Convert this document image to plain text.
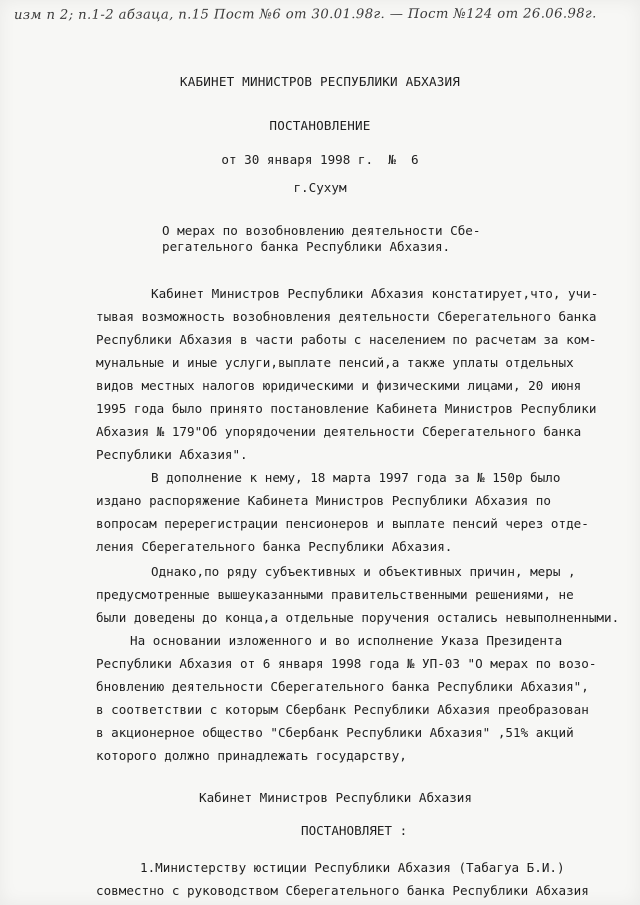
изм п 2; п.1-2 абзаца, п.15 Пост №6 от 30.01.98г. — Пост №124 от 26.06.98г.
КАБИНЕТ МИНИСТРОВ РЕСПУБЛИКИ АБХАЗИЯ
ПОСТАНОВЛЕНИЕ
от 30 января 1998 г.  №  6
г.Сухум
О мерах по возобновлению деятельности Сбе-
регательного банка Республики Абхазия.
Кабинет Министров Республики Абхазия констатирует,что, учи-
тывая возможность возобновления деятельности Сберегательного банка
Республики Абхазия в части работы с населением по расчетам за ком-
мунальные и иные услуги,выплате пенсий,а также уплаты отдельных
видов местных налогов юридическими и физическими лицами, 20 июня
1995 года было принято постановление Кабинета Министров Республики
Абхазия № 179"Об упорядочении деятельности Сберегательного банка
Республики Абхазия".
В дополнение к нему, 18 марта 1997 года за № 150р было
издано распоряжение Кабинета Министров Республики Абхазия по
вопросам перерегистрации пенсионеров и выплате пенсий через отде-
ления Сберегательного банка Республики Абхазия.
Однако,по ряду субъективных и объективных причин, меры ,
предусмотренные вышеуказанными правительственными решениями, не
были доведены до конца,а отдельные поручения остались невыполненными.
На основании изложенного и во исполнение Указа Президента
Республики Абхазия от 6 января 1998 года № УП-03 "О мерах по возо-
бновлению деятельности Сберегательного банка Республики Абхазия",
в соответствии с которым Сбербанк Республики Абхазия преобразован
в акционерное общество "Сбербанк Республики Абхазия" ,51% акций
которого должно принадлежать государству,
Кабинет Министров Республики Абхазия
ПОСТАНОВЛЯЕТ :
1.Министерству юстиции Республики Абхазия (Табагуа Б.И.)
совместно с руководством Сберегательного банка Республики Абхазия
